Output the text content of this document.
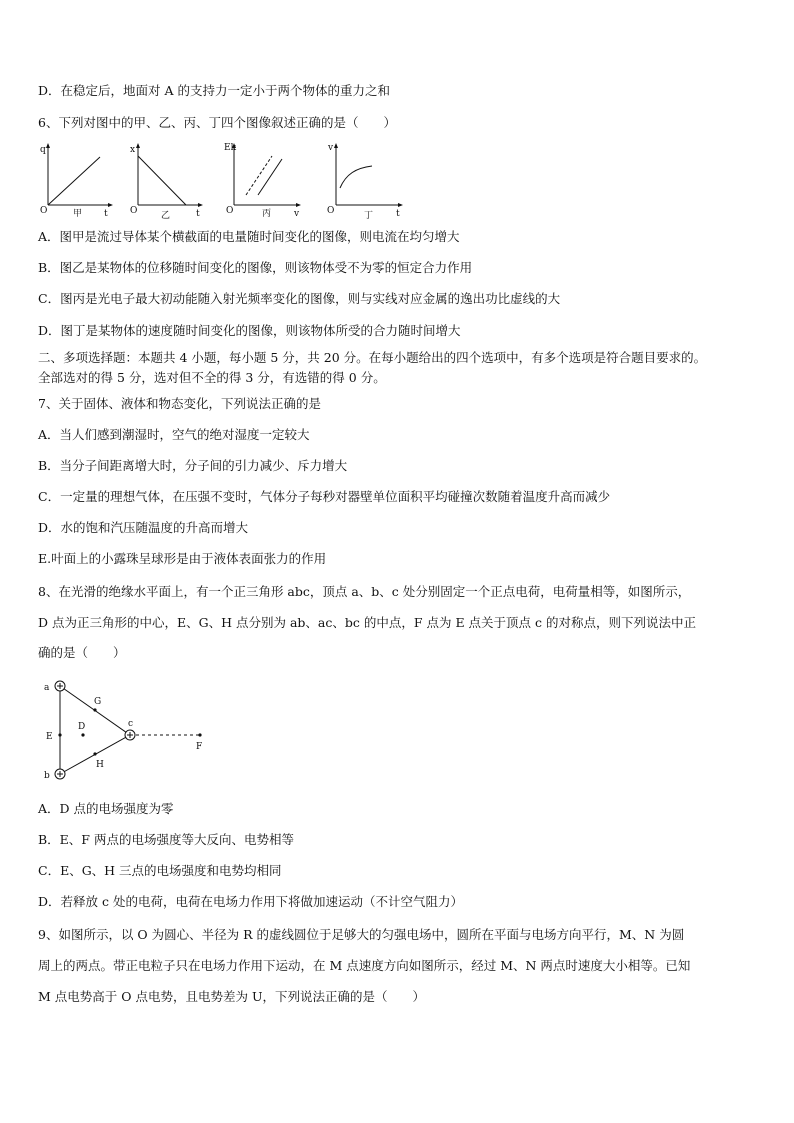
D．在稳定后，地面对 A 的支持力一定小于两个物体的重力之和
6、下列对图中的甲、乙、丙、丁四个图像叙述正确的是（　　）
q
t
O	甲
x
t
O	乙
Ek
v
O	丙
v
t
O	丁
A．图甲是流过导体某个横截面的电量随时间变化的图像，则电流在均匀增大
B．图乙是某物体的位移随时间变化的图像，则该物体受不为零的恒定合力作用
C．图丙是光电子最大初动能随入射光频率变化的图像，则与实线对应金属的逸出功比虚线的大
D．图丁是某物体的速度随时间变化的图像，则该物体所受的合力随时间增大
二、多项选择题：本题共 4 小题，每小题 5 分，共 20 分。在每小题给出的四个选项中，有多个选项是符合题目要求的。
全部选对的得 5 分，选对但不全的得 3 分，有选错的得 0 分。
7、关于固体、液体和物态变化，下列说法正确的是
A．当人们感到潮湿时，空气的绝对湿度一定较大
B．当分子间距离增大时，分子间的引力减少、斥力增大
C．一定量的理想气体，在压强不变时，气体分子每秒对器壁单位面积平均碰撞次数随着温度升高而减少
D．水的饱和汽压随温度的升高而增大
E.叶面上的小露珠呈球形是由于液体表面张力的作用
8、在光滑的绝缘水平面上，有一个正三角形 abc，顶点 a、b、c 处分别固定一个正点电荷，电荷量相等，如图所示，
D 点为正三角形的中心，E、G、H 点分别为 ab、ac、bc 的中点，F 点为 E 点关于顶点 c 的对称点，则下列说法中正
确的是（　　）
a
b
c
D
E
F
G
H
A．D 点的电场强度为零
B．E、F 两点的电场强度等大反向、电势相等
C．E、G、H 三点的电场强度和电势均相同
D．若释放 c 处的电荷，电荷在电场力作用下将做加速运动（不计空气阻力）
9、如图所示，以 O 为圆心、半径为 R 的虚线圆位于足够大的匀强电场中，圆所在平面与电场方向平行，M、N 为圆
周上的两点。带正电粒子只在电场力作用下运动，在 M 点速度方向如图所示，经过 M、N 两点时速度大小相等。已知
M 点电势高于 O 点电势，且电势差为 U，下列说法正确的是（　　）
